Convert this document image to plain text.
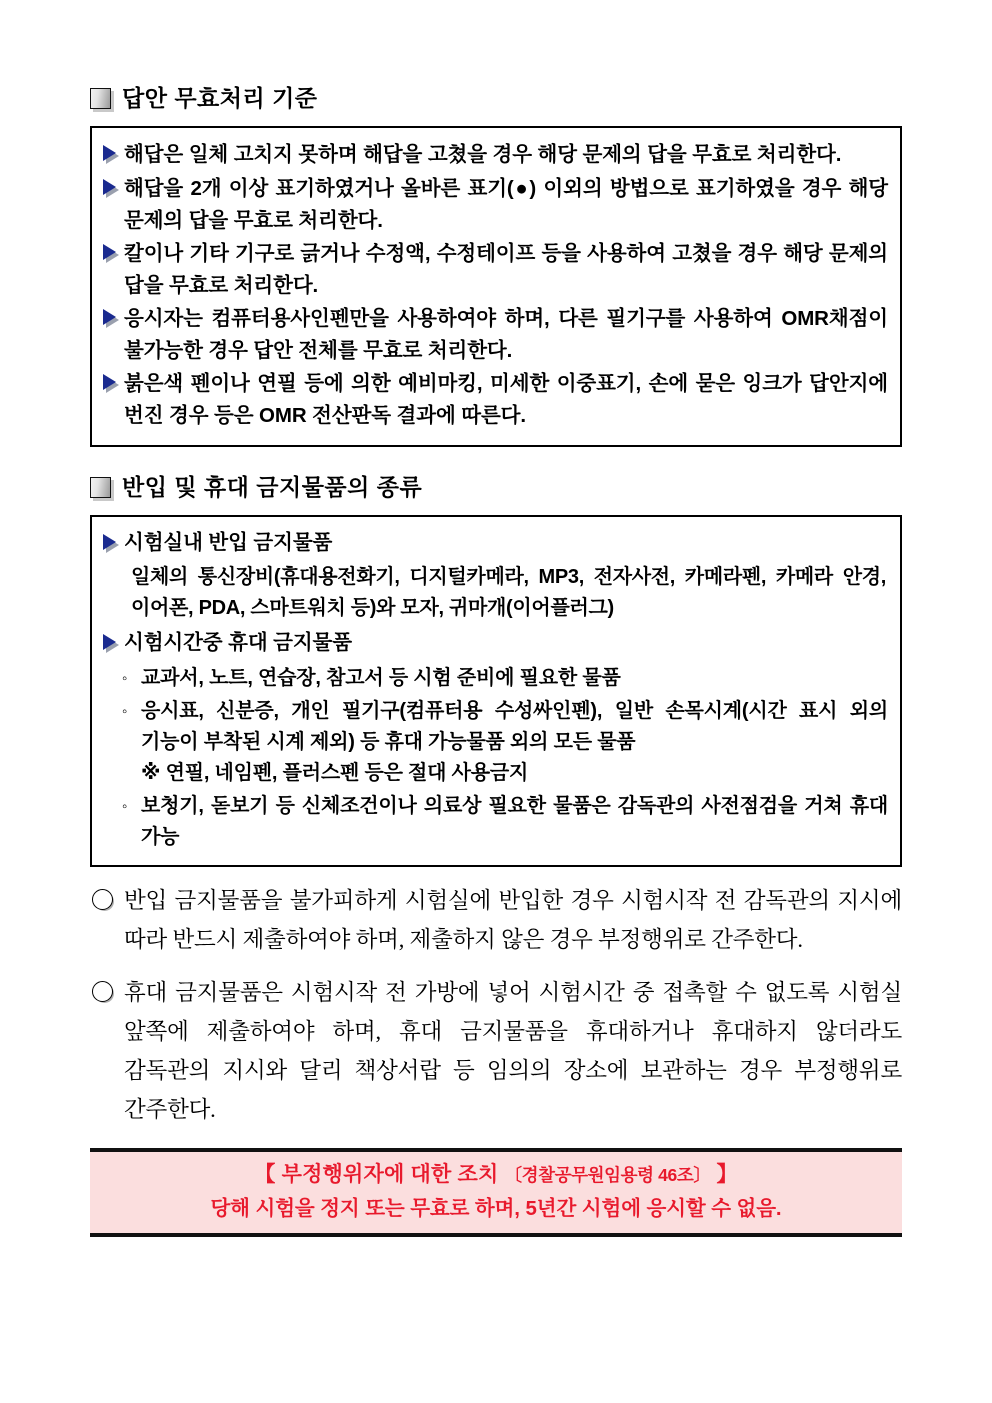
답안 무효처리 기준
해답은 일체 고치지 못하며 해답을 고쳤을 경우 해당 문제의 답을 무효로 처리한다.
해답을 2개 이상 표기하였거나 올바른 표기(●) 이외의 방법으로 표기하였을 경우 해당 문제의 답을 무효로 처리한다.
칼이나 기타 기구로 긁거나 수정액, 수정테이프 등을 사용하여 고쳤을 경우 해당 문제의 답을 무효로 처리한다.
응시자는 컴퓨터용사인펜만을 사용하여야 하며, 다른 필기구를 사용하여 OMR채점이 불가능한 경우 답안 전체를 무효로 처리한다.
붉은색 펜이나 연필 등에 의한 예비마킹, 미세한 이중표기, 손에 묻은 잉크가 답안지에 번진 경우 등은 OMR 전산판독 결과에 따른다.
반입 및 휴대 금지물품의 종류
시험실내 반입 금지물품
일체의 통신장비(휴대용전화기, 디지털카메라, MP3, 전자사전, 카메라펜, 카메라 안경, 이어폰, PDA, 스마트워치 등)와 모자, 귀마개(이어플러그)
시험시간중 휴대 금지물품
◦ 교과서, 노트, 연습장, 참고서 등 시험 준비에 필요한 물품
◦ 응시표, 신분증, 개인 필기구(컴퓨터용 수성싸인펜), 일반 손목시계(시간 표시 외의 기능이 부착된 시계 제외) 등 휴대 가능물품 외의 모든 물품
※ 연필, 네임펜, 플러스펜 등은 절대 사용금지
◦ 보청기, 돋보기 등 신체조건이나 의료상 필요한 물품은 감독관의 사전점검을 거쳐 휴대 가능
반입 금지물품을 불가피하게 시험실에 반입한 경우 시험시작 전 감독관의 지시에 따라 반드시 제출하여야 하며, 제출하지 않은 경우 부정행위로 간주한다.
휴대 금지물품은 시험시작 전 가방에 넣어 시험시간 중 접촉할 수 없도록 시험실 앞쪽에 제출하여야 하며, 휴대 금지물품을 휴대하거나 휴대하지 않더라도 감독관의 지시와 달리 책상서랍 등 임의의 장소에 보관하는 경우 부정행위로 간주한다.
【 부정행위자에 대한 조치 〔경찰공무원임용령 46조〕 】
당해 시험을 정지 또는 무효로 하며, 5년간 시험에 응시할 수 없음.
